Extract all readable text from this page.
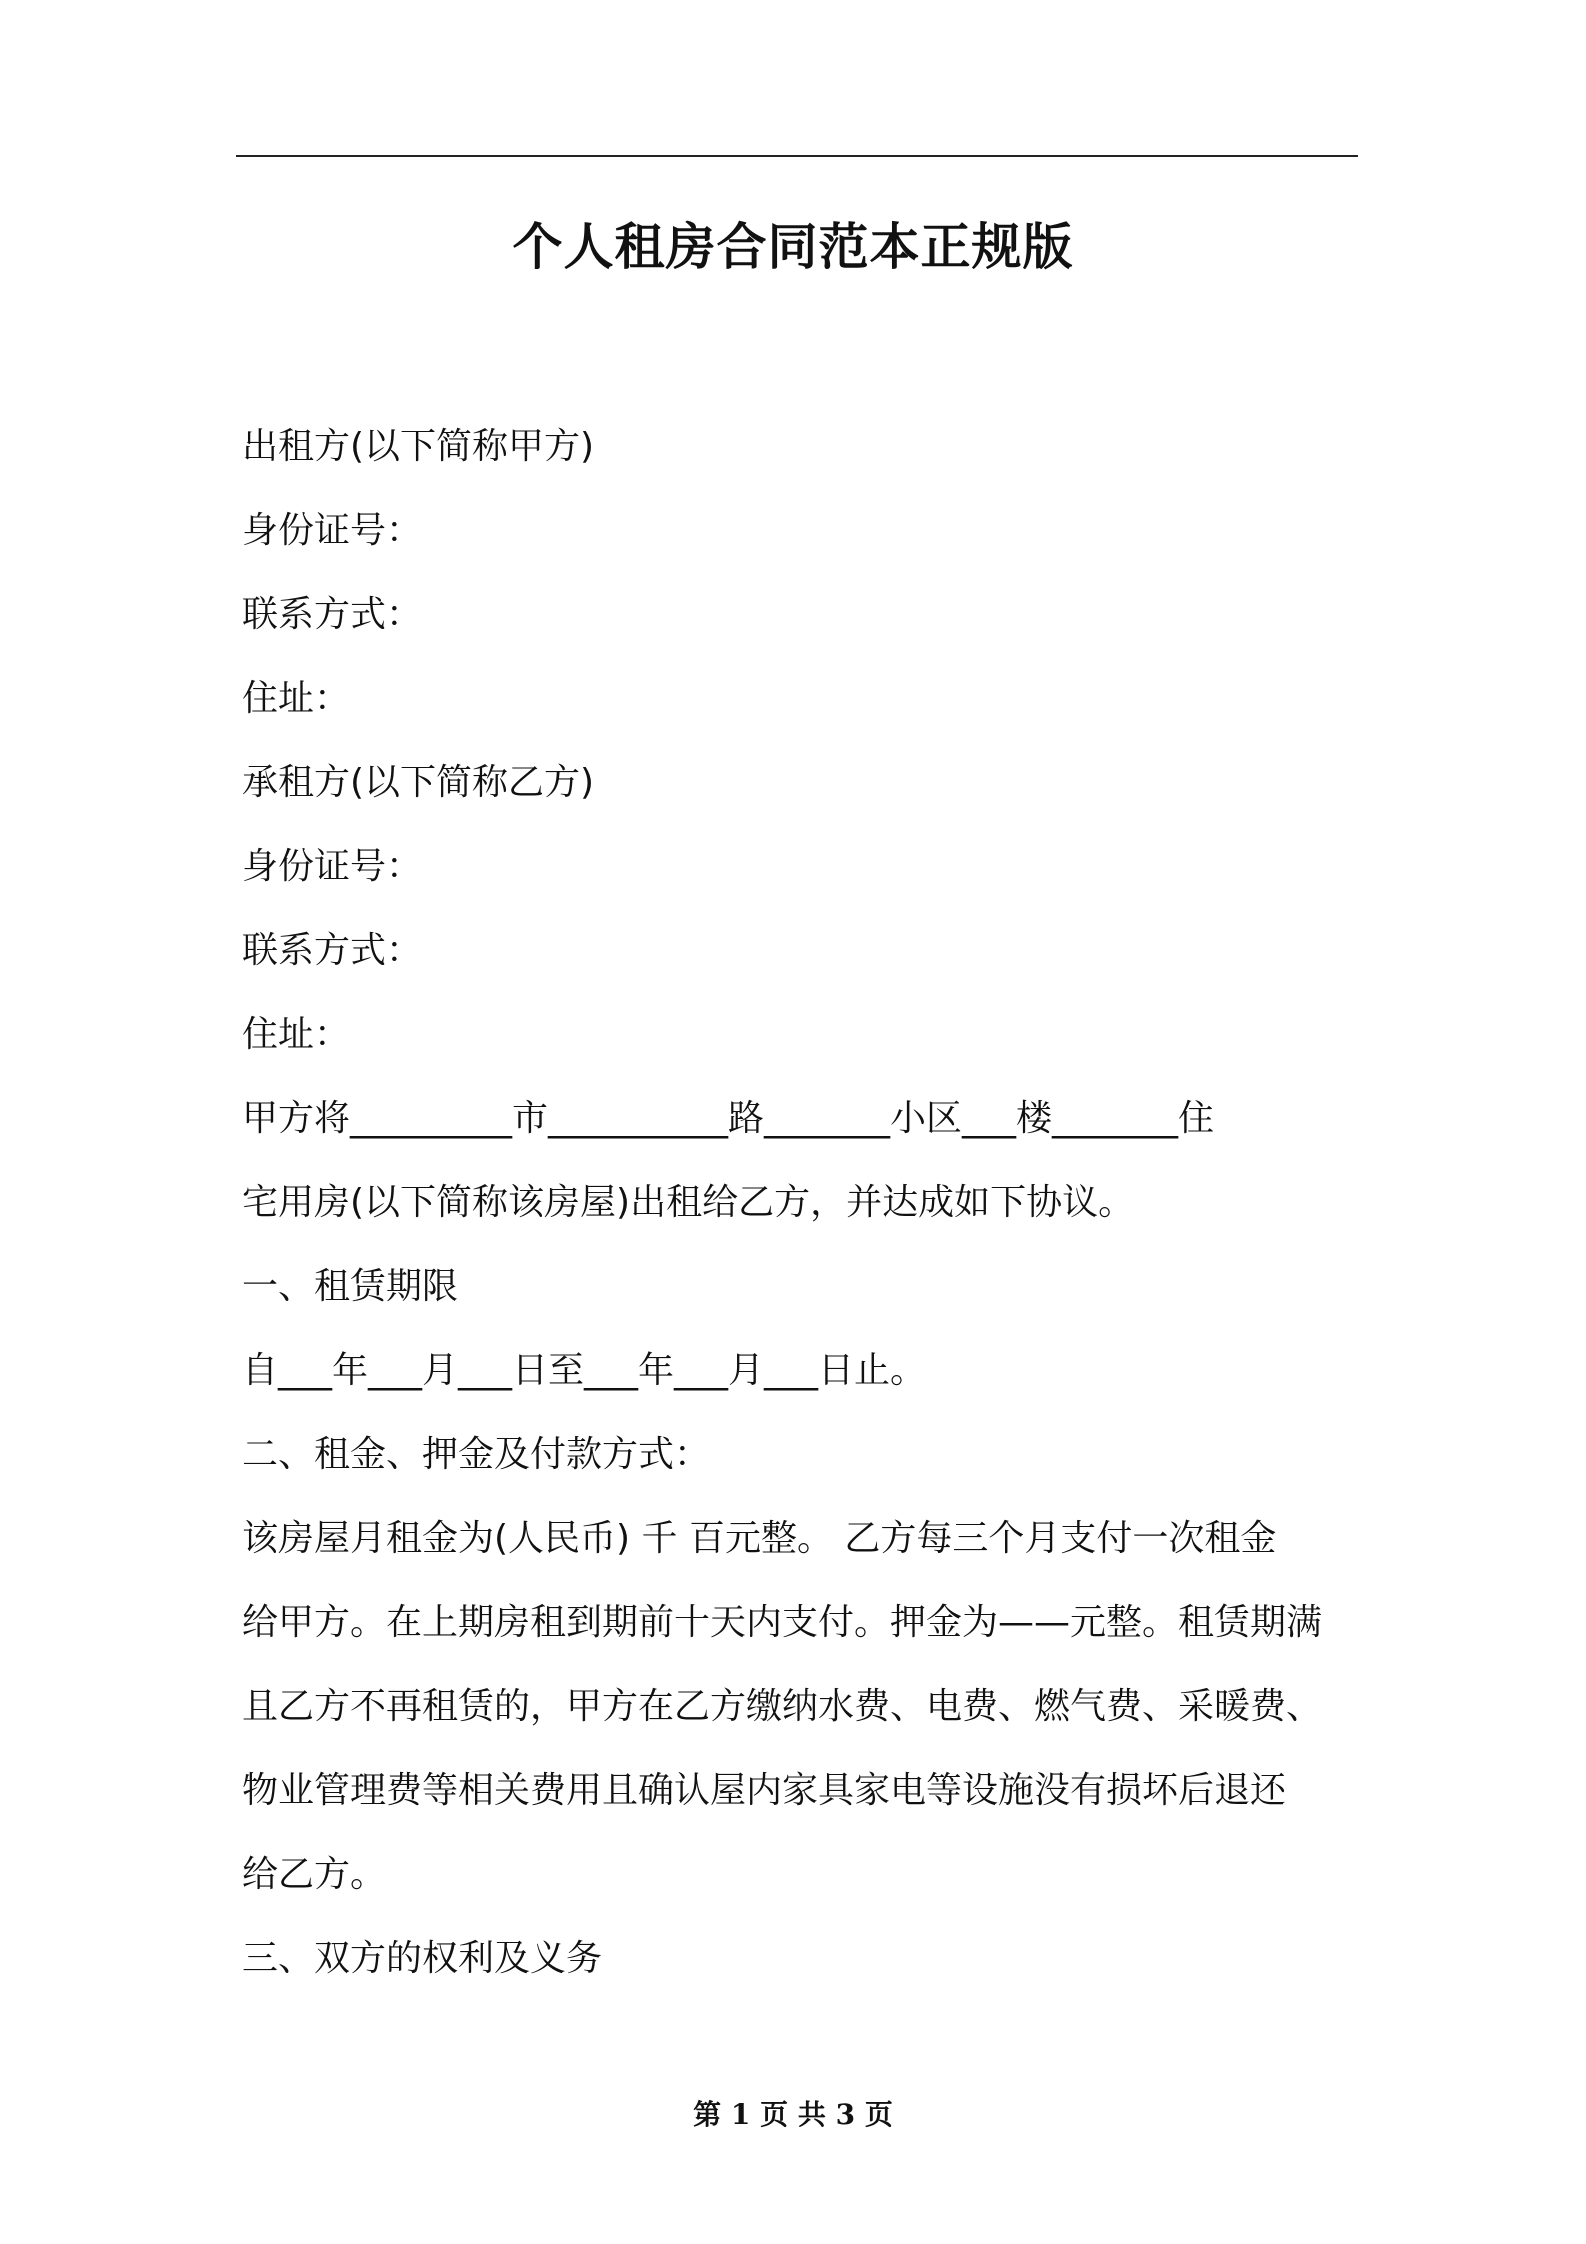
个人租房合同范本正规版
出租方(以下简称甲方)
身份证号：
联系方式：
住址：
承租方(以下简称乙方)
身份证号：
联系方式：
住址：
甲方将_________市__________路_______小区___楼_______住
宅用房(以下简称该房屋)出租给乙方，并达成如下协议。
一、租赁期限
自___年___月___日至___年___月___日止。
二、租金、押金及付款方式：
该房屋月租金为(人民币) 千 百元整。 乙方每三个月支付一次租金
给甲方。在上期房租到期前十天内支付。押金为——元整。租赁期满
且乙方不再租赁的，甲方在乙方缴纳水费、电费、燃气费、采暖费、
物业管理费等相关费用且确认屋内家具家电等设施没有损坏后退还
给乙方。
三、双方的权利及义务
第 1 页 共 3 页
